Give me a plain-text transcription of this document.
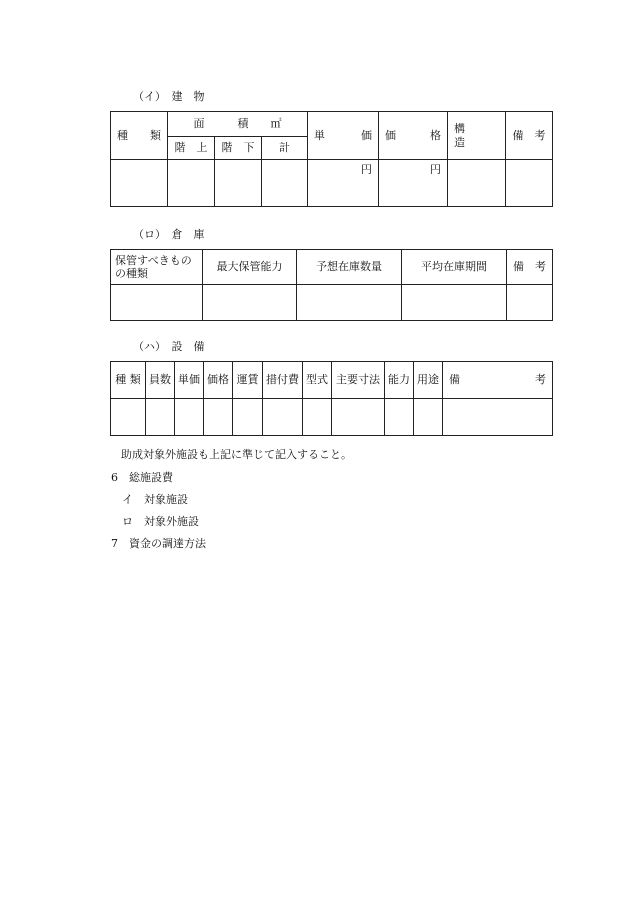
（イ）　建　物
種　　類	面　　　積　　㎡			単　　　価	価　　　格	構　　　造	備　考
	階　上	階　下	計				
				円	円		
（ロ）　倉　庫
保管すべきもの
の種類	最大保管能力	予想在庫数量	平均在庫期間	備　考

（ハ）　設　備
種 類	員数	単価	価格	運賃	措付費	型式	主要寸法	能力	用途	備　　　　　　考

助成対象外施設も上記に準じて記入すること。
6　総施設費
イ　対象施設
ロ　対象外施設
7　資金の調達方法
